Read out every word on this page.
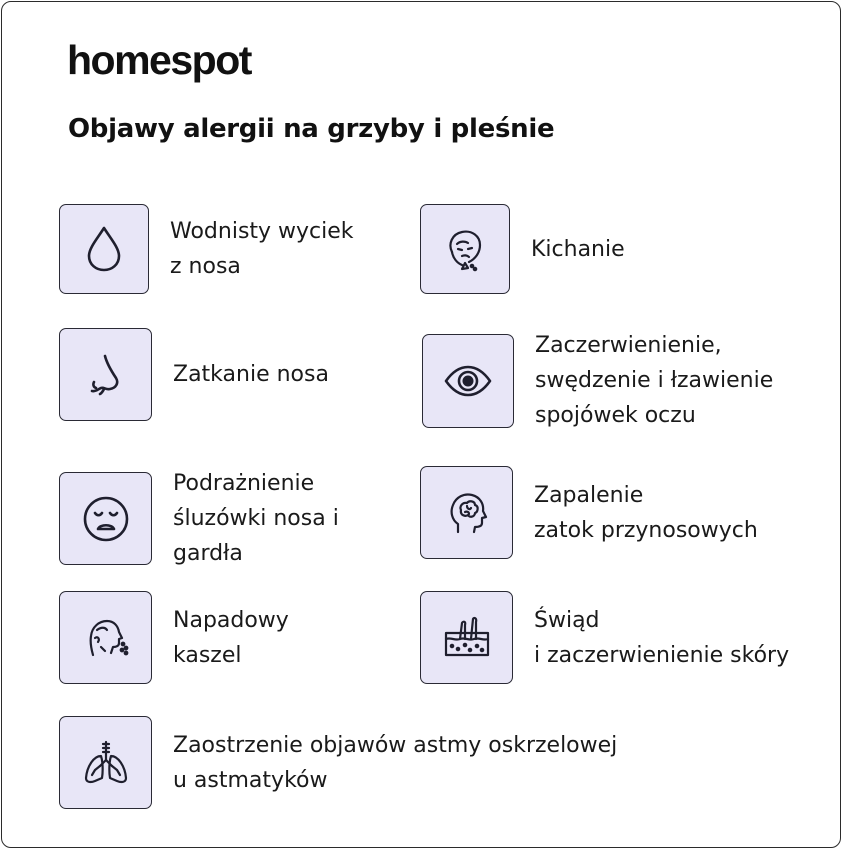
homespot
Objawy alergii na grzyby i pleśnie
Wodnisty wyciek
z nosa
Kichanie
Zatkanie nosa
Zaczerwienienie,
swędzenie i łzawienie
spojówek oczu
Podrażnienie
śluzówki nosa i
gardła
Zapalenie
zatok przynosowych
Napadowy
kaszel
Świąd
i zaczerwienienie skóry
Zaostrzenie objawów astmy oskrzelowej
u astmatyków
